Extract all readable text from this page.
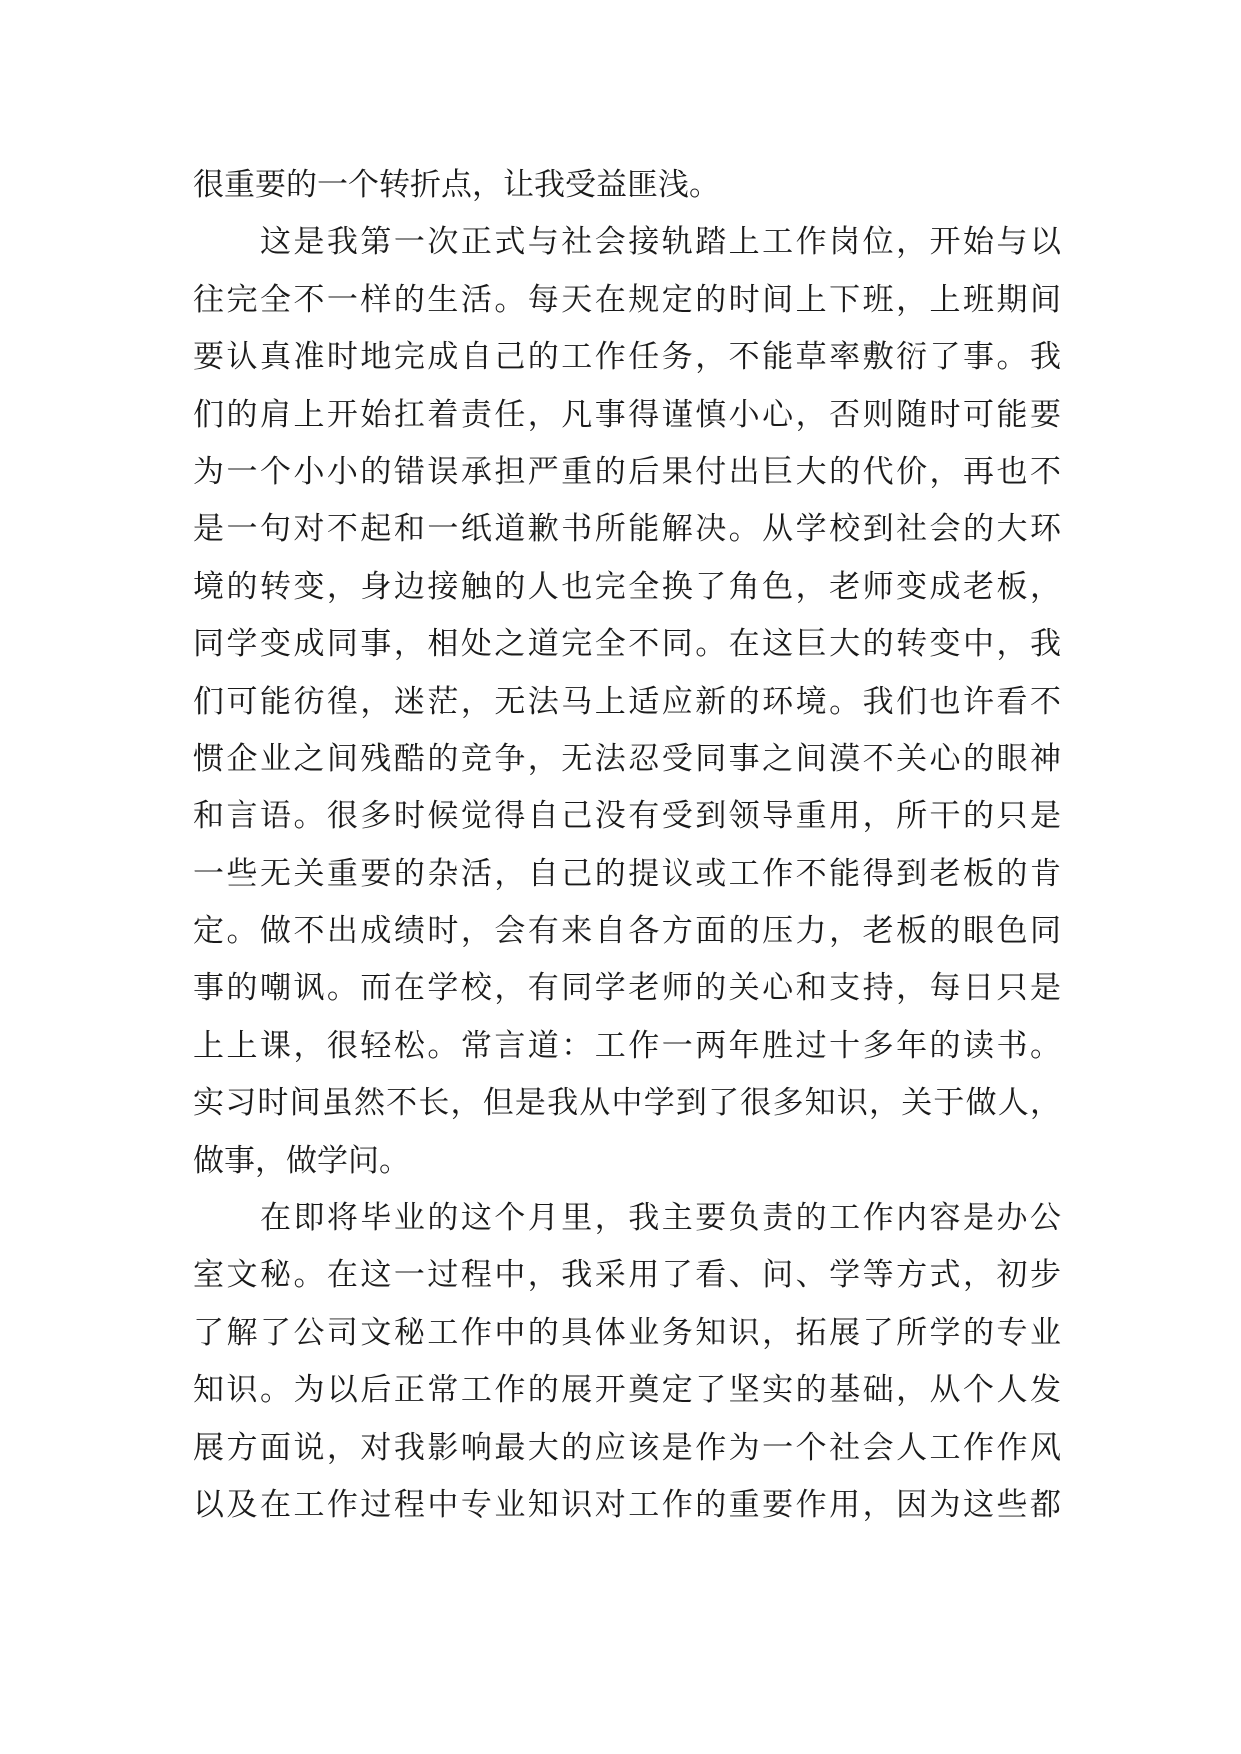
很重要的一个转折点，让我受益匪浅。
　　这是我第一次正式与社会接轨踏上工作岗位，开始与以
往完全不一样的生活。每天在规定的时间上下班，上班期间
要认真准时地完成自己的工作任务，不能草率敷衍了事。我
们的肩上开始扛着责任，凡事得谨慎小心，否则随时可能要
为一个小小的错误承担严重的后果付出巨大的代价，再也不
是一句对不起和一纸道歉书所能解决。从学校到社会的大环
境的转变，身边接触的人也完全换了角色，老师变成老板，
同学变成同事，相处之道完全不同。在这巨大的转变中，我
们可能彷徨，迷茫，无法马上适应新的环境。我们也许看不
惯企业之间残酷的竞争，无法忍受同事之间漠不关心的眼神
和言语。很多时候觉得自己没有受到领导重用，所干的只是
一些无关重要的杂活，自己的提议或工作不能得到老板的肯
定。做不出成绩时，会有来自各方面的压力，老板的眼色同
事的嘲讽。而在学校，有同学老师的关心和支持，每日只是
上上课，很轻松。常言道：工作一两年胜过十多年的读书。
实习时间虽然不长，但是我从中学到了很多知识，关于做人，
做事，做学问。
　　在即将毕业的这个月里，我主要负责的工作内容是办公
室文秘。在这一过程中，我采用了看、问、学等方式，初步
了解了公司文秘工作中的具体业务知识，拓展了所学的专业
知识。为以后正常工作的展开奠定了坚实的基础，从个人发
展方面说，对我影响最大的应该是作为一个社会人工作作风
以及在工作过程中专业知识对工作的重要作用，因为这些都
